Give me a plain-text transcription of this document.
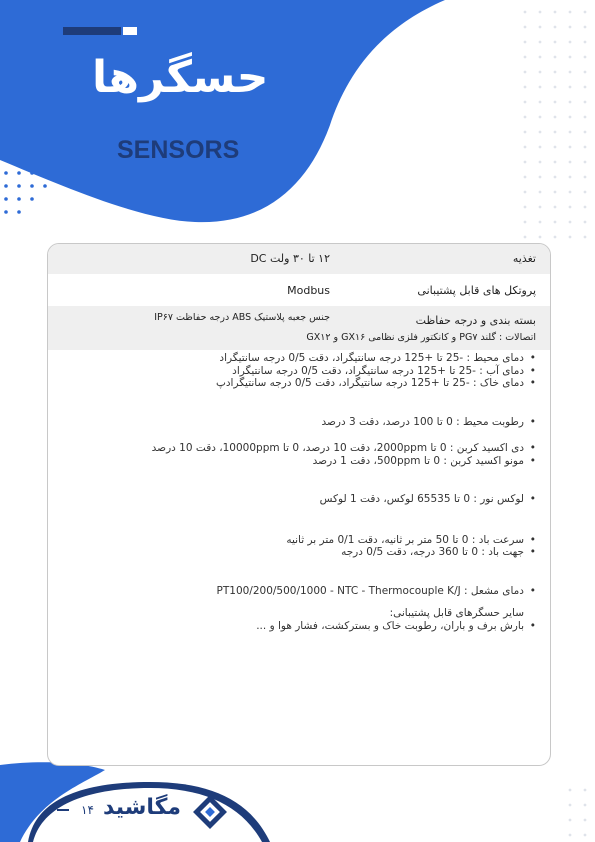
حسگرها
SENSORS
تغذیه
۱۲ تا ۳۰ ولت DC
پروتکل های قابل پشتیبانی
Modbus
بسته بندی و درجه حفاظت
جنس جعبه پلاستیک ABS درجه حفاظت IP۶۷
اتصالات : گلند PG۷ و کانکتور فلزی نظامی GX۱۶ و GX۱۲
• دمای محیط : -25 تا +125 درجه سانتیگراد، دقت 0/5 درجه سانتیگراد
• دمای آب : -25 تا +125 درجه سانتیگراد، دقت 0/5 درجه سانتیگراد
• دمای خاک : -25 تا +125 درجه سانتیگراد، دقت 0/5 درجه سانتیگرادپ
• رطوبت محیط : 0 تا 100 درصد، دقت 3 درصد
• دی اکسید کربن : 0 تا 2000ppm، دقت 10 درصد، 0 تا 10000ppm، دقت 10 درصد
• مونو اکسید کربن : 0 تا 500ppm، دقت 1 درصد
• لوکس نور : 0 تا 65535 لوکس، دقت 1 لوکس
• سرعت باد : 0 تا 50 متر بر ثانیه، دقت 0/1 متر بر ثانیه
• جهت باد : 0 تا 360 درجه، دقت 0/5 درجه
• دمای مشعل : PT100/200/500/1000 - NTC - Thermocouple K/J
سایر حسگرهای قابل پشتیبانی:
• بارش برف و باران، رطوبت خاک و بسترکشت، فشار هوا و ...
۱۴ مگاشید
